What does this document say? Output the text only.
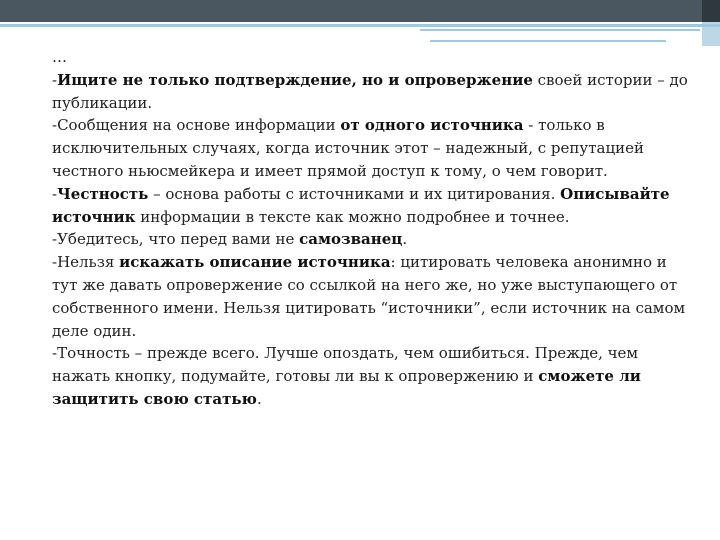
…

-Ищите не только подтверждение, но и опровержение своей истории – до публикации.

-Сообщения на основе информации от одного источника - только в исключительных случаях, когда источник этот – надежный, с репутацией честного ньюсмейкера и имеет прямой доступ к тому, о чем говорит.

-Честность – основа работы с источниками и их цитирования. Описывайте источник информации в тексте как можно подробнее и точнее.

-Убедитесь, что перед вами не самозванец.

-Нельзя искажать описание источника: цитировать человека анонимно и тут же давать опровержение со ссылкой на него же, но уже выступающего от собственного имени. Нельзя цитировать “источники”, если источник на самом деле один.

-Точность – прежде всего. Лучше опоздать, чем ошибиться. Прежде, чем нажать кнопку, подумайте, готовы ли вы к опровержению и сможете ли защитить свою статью.
